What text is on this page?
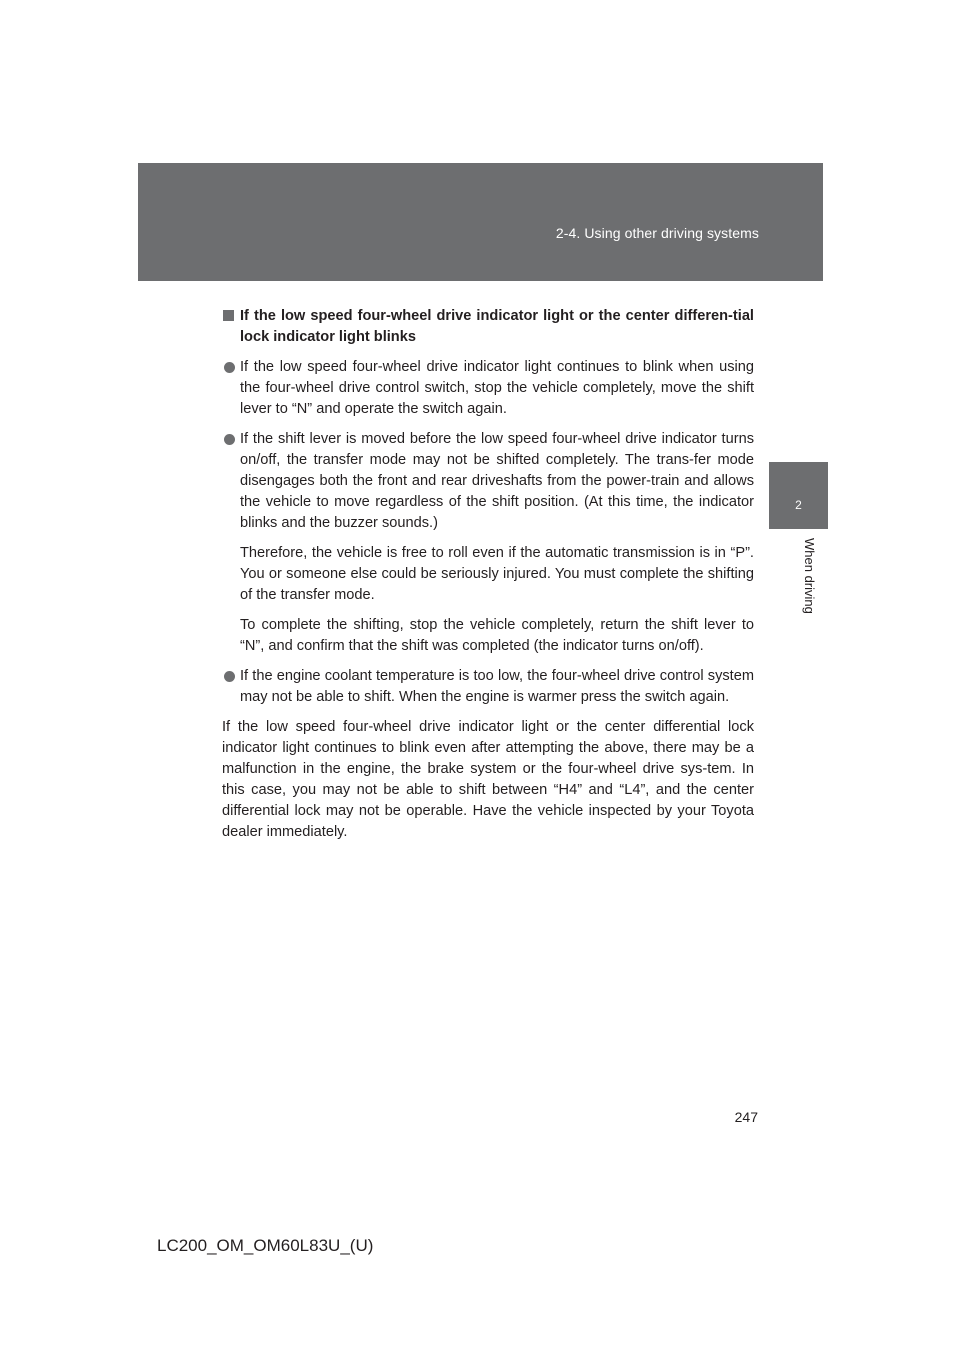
2-4. Using other driving systems
2
When driving
If the low speed four-wheel drive indicator light or the center differen-tial lock indicator light blinks

If the low speed four-wheel drive indicator light continues to blink when using the four-wheel drive control switch, stop the vehicle completely, move the shift lever to “N” and operate the switch again.

If the shift lever is moved before the low speed four-wheel drive indicator turns on/off, the transfer mode may not be shifted completely. The trans-fer mode disengages both the front and rear driveshafts from the power-train and allows the vehicle to move regardless of the shift position. (At this time, the indicator blinks and the buzzer sounds.)

Therefore, the vehicle is free to roll even if the automatic transmission is in “P”. You or someone else could be seriously injured. You must complete the shifting of the transfer mode.

To complete the shifting, stop the vehicle completely, return the shift lever to “N”, and confirm that the shift was completed (the indicator turns on/off).

If the engine coolant temperature is too low, the four-wheel drive control system may not be able to shift. When the engine is warmer press the switch again.

If the low speed four-wheel drive indicator light or the center differential lock indicator light continues to blink even after attempting the above, there may be a malfunction in the engine, the brake system or the four-wheel drive sys-tem. In this case, you may not be able to shift between “H4” and “L4”, and the center differential lock may not be operable. Have the vehicle inspected by your Toyota dealer immediately.

247
LC200_OM_OM60L83U_(U)
